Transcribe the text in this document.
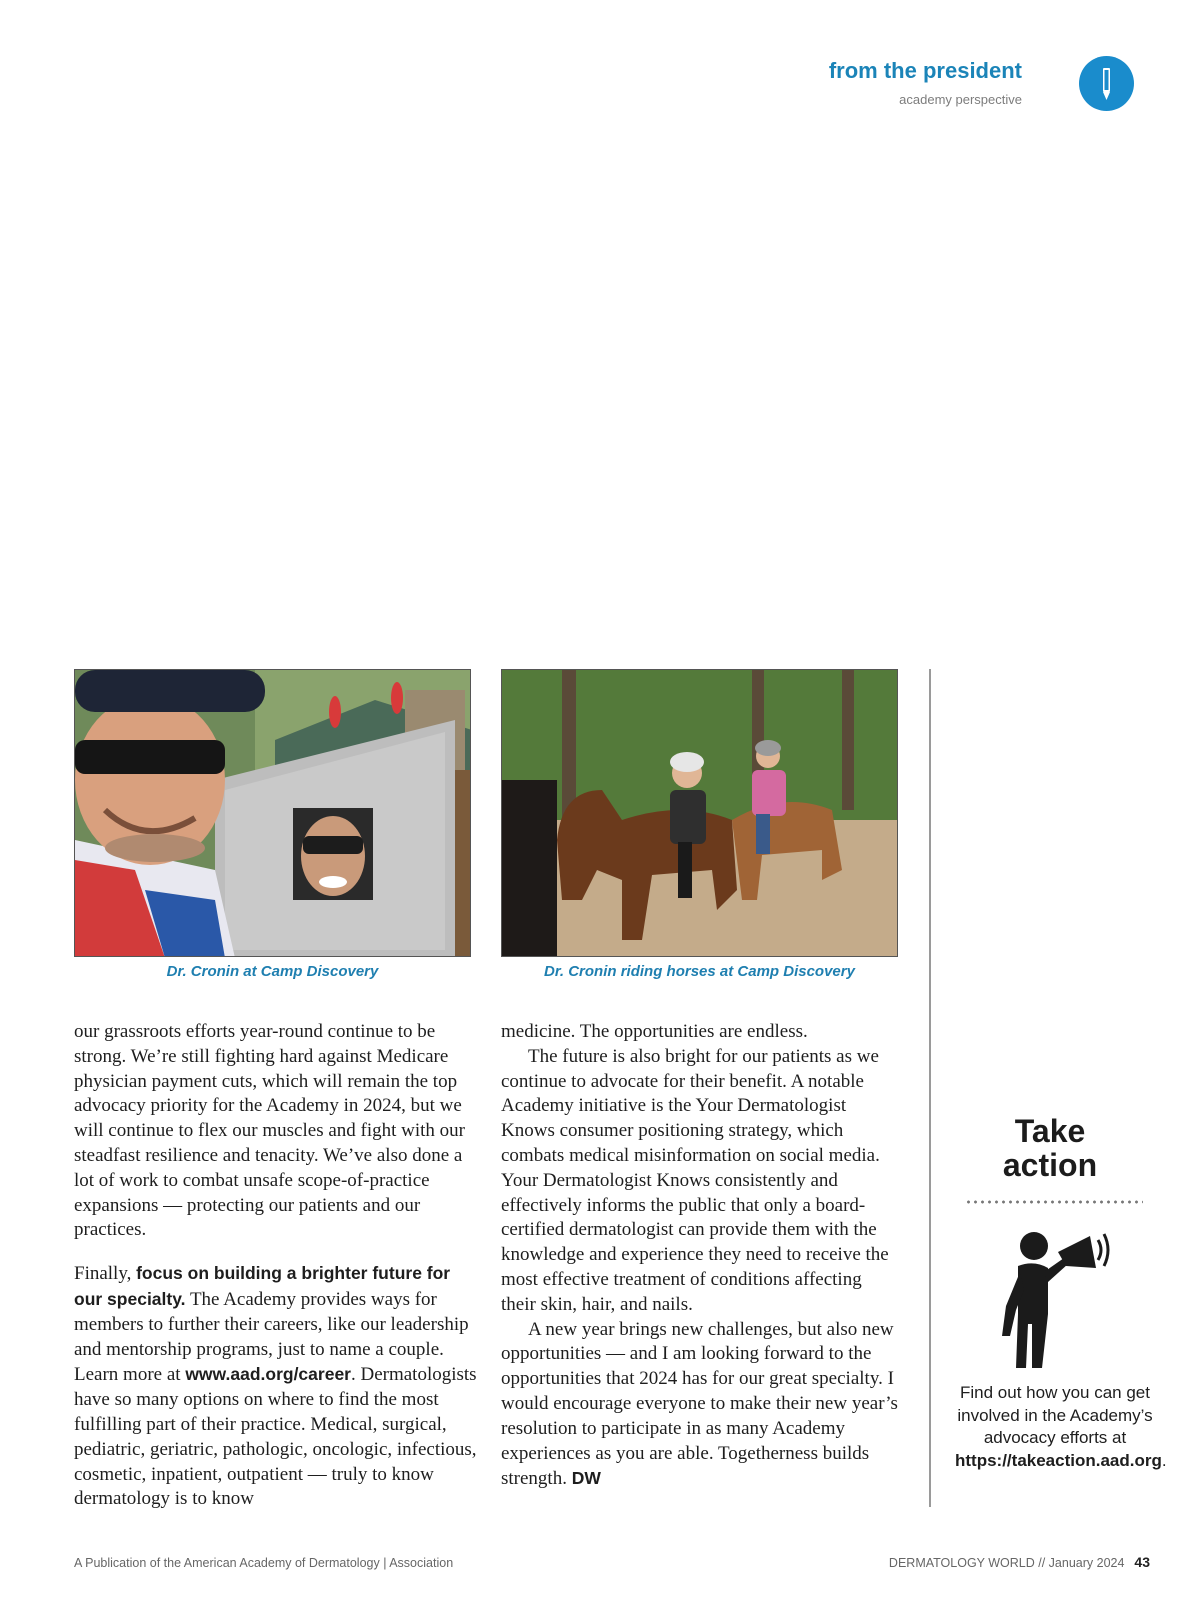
from the president
academy perspective
Dr. Cronin at Camp Discovery	Dr. Cronin riding horses at Camp Discovery

our grassroots efforts year-round continue to be strong. We’re still fighting hard against Medicare physician payment cuts, which will remain the top advocacy priority for the Academy in 2024, but we will continue to flex our muscles and fight with our steadfast resilience and tenacity. We’ve also done a lot of work to combat unsafe scope-of-practice expansions — protecting our patients and our practices.

Finally, focus on building a brighter future for our specialty. The Academy provides ways for members to further their careers, like our leadership and mentorship programs, just to name a couple. Learn more at www.aad.org/career. Dermatologists have so many options on where to find the most fulfilling part of their practice. Medical, surgical, pediatric, geriatric, pathologic, oncologic, infectious, cosmetic, inpatient, outpatient — truly to know dermatology is to know

medicine. The opportunities are endless.

The future is also bright for our patients as we continue to advocate for their benefit. A notable Academy initiative is the Your Dermatologist Knows consumer positioning strategy, which combats medical misinformation on social media. Your Dermatologist Knows consistently and effectively informs the public that only a board-certified dermatologist can provide them with the knowledge and experience they need to receive the most effective treatment of conditions affecting their skin, hair, and nails.

A new year brings new challenges, but also new opportunities — and I am looking forward to the opportunities that 2024 has for our great specialty. I would encourage everyone to make their new year’s resolution to participate in as many Academy experiences as you are able. Togetherness builds strength. DW

Take
action
Find out how you can get involved in the Academy’s advocacy efforts at https://takeaction.aad.org.
A Publication of the American Academy of Dermatology | Association	DERMATOLOGY WORLD // January 2024 43
